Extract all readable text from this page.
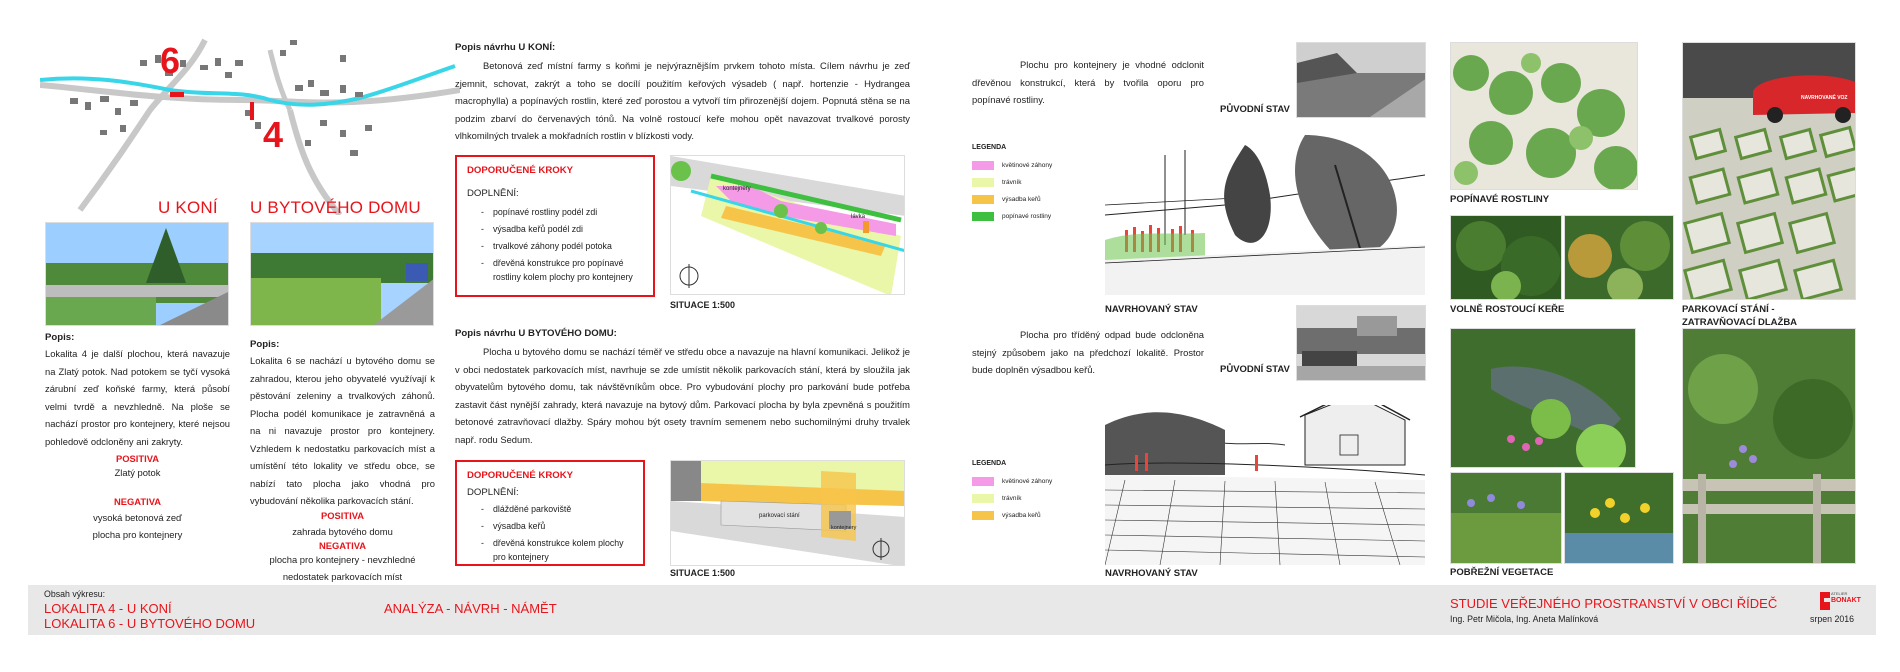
6
4
U KONÍ U BYTOVÉHO DOMU
Popis:
Lokalita 4 je další plochou, která navazuje na Zlatý potok. Nad potokem se tyčí vysoká zárubní zeď koňské farmy, která působí velmi tvrdě a nevzhledně. Na ploše se nachází prostor pro kontejnery, které nejsou pohledově odcloněny ani zakryty.
POSITIVA
Zlatý potok
NEGATIVA
vysoká betonová zeď
plocha pro kontejnery
Popis:
Lokalita 6 se nachází u bytového domu se zahradou, kterou jeho obyvatelé využívají k pěstování zeleniny a trvalkových záhonů. Plocha podél komunikace je zatravněná a na ni navazuje prostor pro kontejnery. Vzhledem k nedostatku parkovacích míst a umístění této lokality ve středu obce, se nabízí tato plocha jako vhodná pro vybudování několika parkovacích stání.
POSITIVA
zahrada bytového domu
NEGATIVA
plocha pro kontejnery - nevzhledné
nedostatek parkovacích míst
Popis návrhu U KONÍ:
Betonová zeď místní farmy s koňmi je nejvýraznějším prvkem tohoto místa. Cílem návrhu je zeď zjemnit, schovat, zakrýt a toho se docílí použitím keřových výsadeb ( např. hortenzie - Hydrangea macrophylla) a popínavých rostlin, které zeď porostou a vytvoří tím přirozenější dojem. Popnutá stěna se na podzim zbarví do červenavých tónů. Na volně rostoucí keře mohou opět navazovat trvalkové porosty vlhkomilných trvalek a mokřadních rostlin v blízkosti vody.
DOPORUČENÉ KROKY
DOPLNĚNÍ:
- popínavé rostliny podél zdi
- výsadba keřů podél zdi
- trvalkové záhony podél potoka
- dřevěná konstrukce pro popínavé rostliny kolem plochy pro kontejnery
kontejnery
lávka
SITUACE 1:500
Popis návrhu U BYTOVÉHO DOMU:
Plocha u bytového domu se nachází téměř ve středu obce a navazuje na hlavní komunikaci. Jelikož je v obci nedostatek parkovacích míst, navrhuje se zde umístit několik parkovacích stání, která by sloužila jak obyvatelům bytového domu, tak návštěvníkům obce. Pro vybudování plochy pro parkování bude potřeba zastavit část nynější zahrady, která navazuje na bytový dům. Parkovací plocha by byla zpevněná s použitím betonové zatravňovací dlažby. Spáry mohou být osety travním semenem nebo suchomilnými druhy trvalek např. rodu Sedum.
DOPORUČENÉ KROKY
DOPLNĚNÍ:
- dlážděné parkoviště
- výsadba keřů
- dřevěná konstrukce kolem plochy pro kontejnery
parkovací stání
kontejnery
SITUACE 1:500
Plochu pro kontejnery je vhodné odclonit dřevěnou konstrukcí, která by tvořila oporu pro popínavé rostliny.
PŮVODNÍ STAV
LEGENDA
květinové záhony
trávník
výsadba keřů
popínavé rostliny
NAVRHOVANÝ STAV
Plocha pro tříděný odpad bude odcloněna stejný způsobem jako na předchozí lokalitě. Prostor bude doplněn výsadbou keřů.	PŮVODNÍ STAV
LEGENDA
květinové záhony
trávník
výsadba keřů
NAVRHOVANÝ STAV
POPÍNAVÉ ROSTLINY
NAVRHOVANÉ VOZ
PARKOVACÍ STÁNÍ -
ZATRAVŇOVACÍ DLAŽBA
VOLNĚ ROSTOUCÍ KEŘE
POBŘEŽNÍ VEGETACE
Obsah výkresu:
LOKALITA 4 - U KONÍ
LOKALITA 6 - U BYTOVÉHO DOMU
ANALÝZA - NÁVRH - NÁMĚT	STUDIE VEŘEJNÉHO PROSTRANSTVÍ V OBCI ŘÍDEČ
Ing. Petr Mičola, Ing. Aneta Malínková
ATELIER
BONAKT
srpen 2016
